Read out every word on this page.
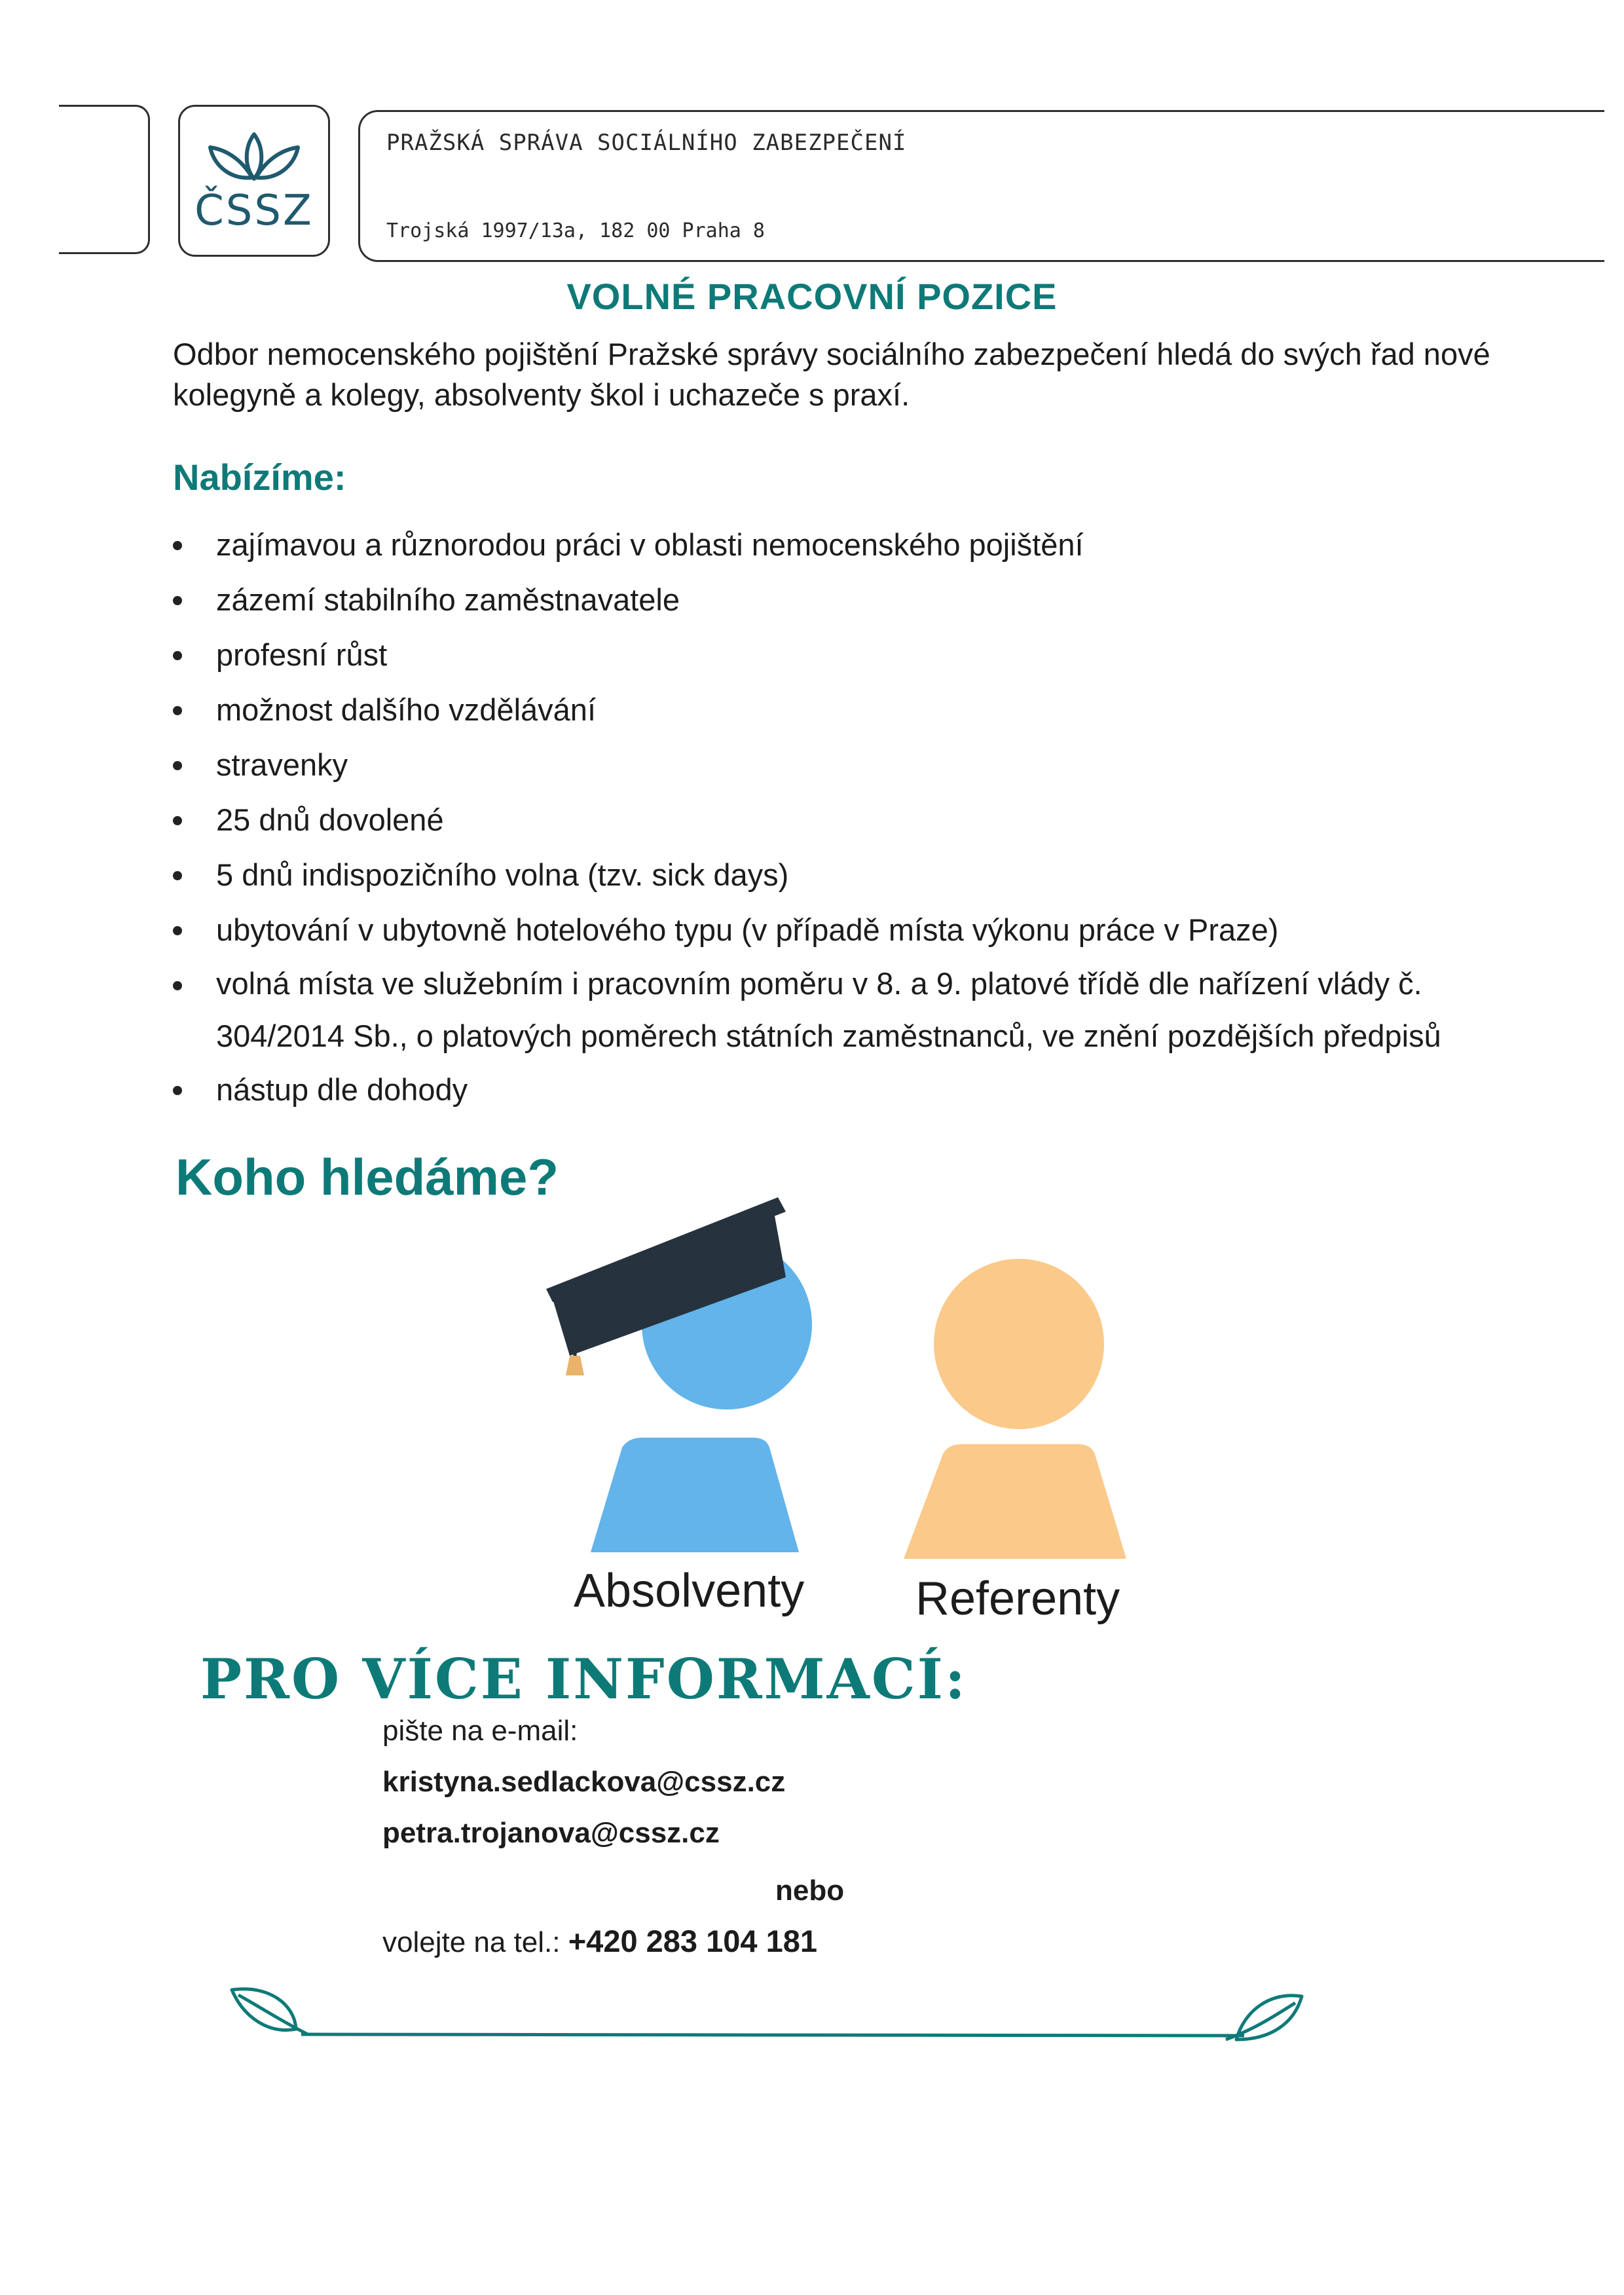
ČSSZ
PRAŽSKÁ SPRÁVA SOCIÁLNÍHO ZABEZPEČENÍ
Trojská 1997/13a, 182 00 Praha 8
VOLNÉ PRACOVNÍ POZICE
Odbor nemocenského pojištění Pražské správy sociálního zabezpečení hledá do svých řad nové kolegyně a kolegy, absolventy škol i uchazeče s praxí.
Nabízíme:
zajímavou a různorodou práci v oblasti nemocenského pojištění
zázemí stabilního zaměstnavatele
profesní růst
možnost dalšího vzdělávání
stravenky
25 dnů dovolené
5 dnů indispozičního volna (tzv. sick days)
ubytování v ubytovně hotelového typu (v případě místa výkonu práce v Praze)
volná místa ve služebním i pracovním poměru v 8. a 9. platové třídě dle nařízení vlády č. 304/2014 Sb., o platových poměrech státních zaměstnanců, ve znění pozdějších předpisů
nástup dle dohody
Koho hledáme?
Absolventy Referenty
PRO VÍCE INFORMACÍ:
pište na e-mail:
kristyna.sedlackova@cssz.cz
petra.trojanova@cssz.cz
nebo
volejte na tel.: +420 283 104 181
